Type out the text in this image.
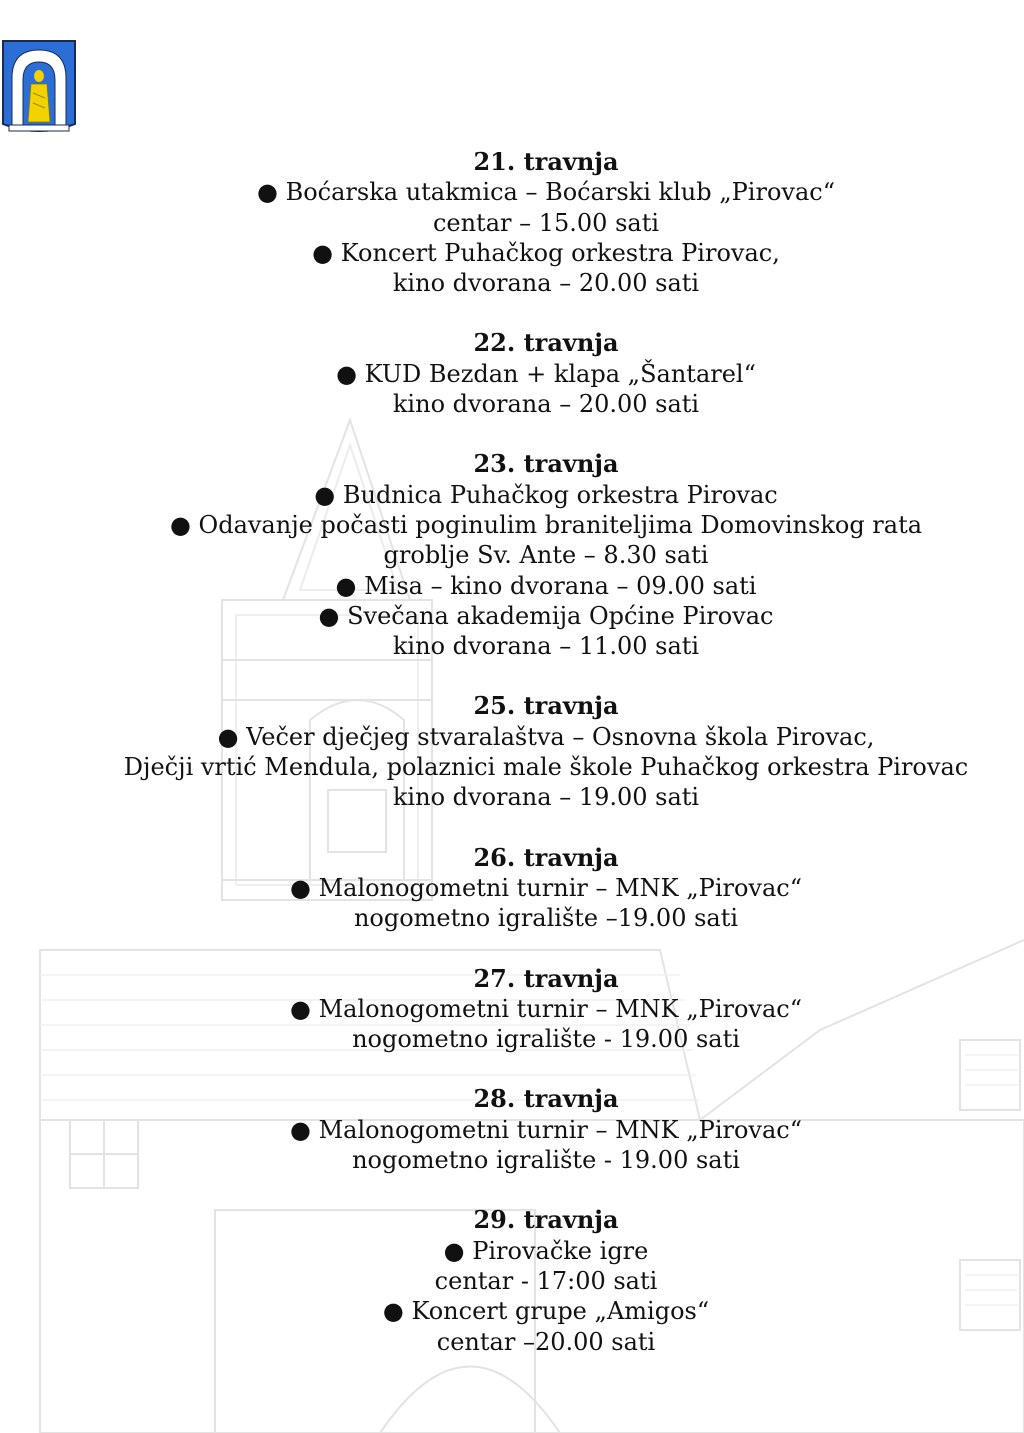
21. travnja
● Boćarska utakmica – Boćarski klub „Pirovac“
centar – 15.00 sati
● Koncert Puhačkog orkestra Pirovac,
kino dvorana – 20.00 sati
22. travnja
● KUD Bezdan + klapa „Šantarel“
kino dvorana – 20.00 sati
23. travnja
● Budnica Puhačkog orkestra Pirovac
● Odavanje počasti poginulim braniteljima Domovinskog rata
groblje Sv. Ante – 8.30 sati
● Misa – kino dvorana – 09.00 sati
● Svečana akademija Općine Pirovac
kino dvorana – 11.00 sati
25. travnja
● Večer dječjeg stvaralaštva – Osnovna škola Pirovac,
Dječji vrtić Mendula, polaznici male škole Puhačkog orkestra Pirovac
kino dvorana – 19.00 sati
26. travnja
● Malonogometni turnir – MNK „Pirovac“
nogometno igralište –19.00 sati
27. travnja
● Malonogometni turnir – MNK „Pirovac“
nogometno igralište - 19.00 sati
28. travnja
● Malonogometni turnir – MNK „Pirovac“
nogometno igralište - 19.00 sati
29. travnja
● Pirovačke igre
centar - 17:00 sati
● Koncert grupe „Amigos“
centar –20.00 sati
